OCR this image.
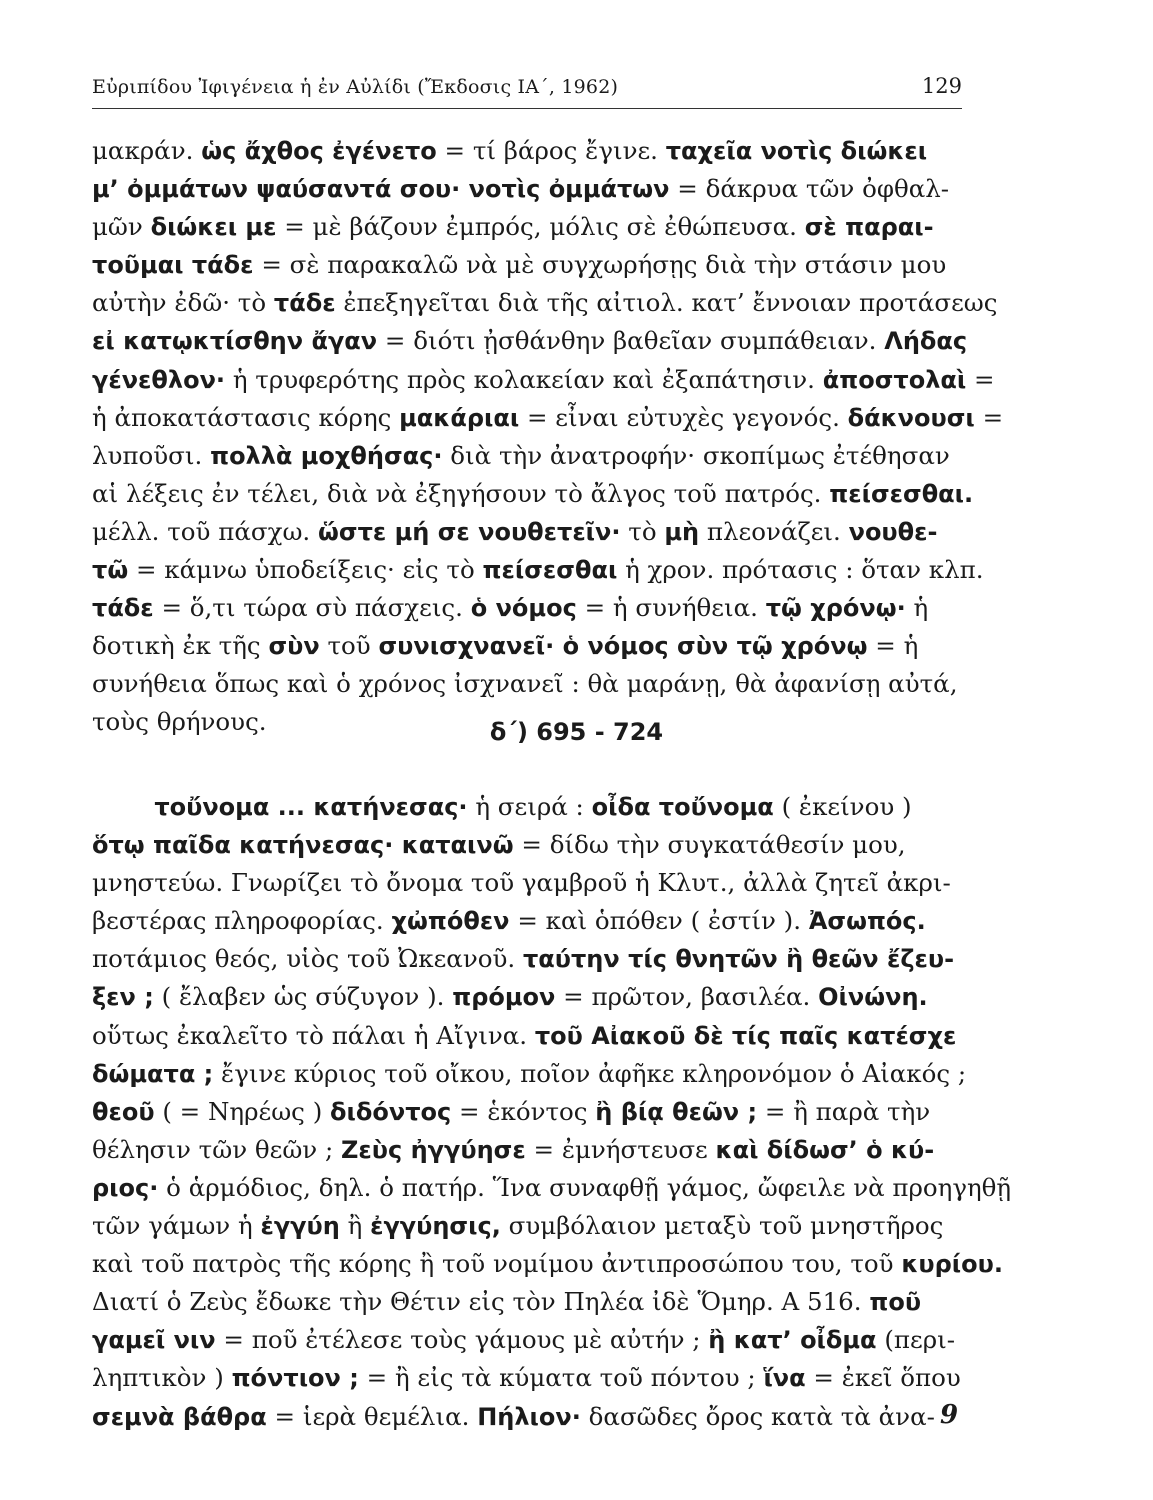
Εὐριπίδου Ἰφιγένεια ἡ ἐν Αὐλίδι (Ἔκδοσις ΙΑ΄, 1962)	129
μακράν. ὡς ἄχθος ἐγένετο = τί βάρος ἔγινε. ταχεῖα νοτὶς διώκει
μ’ ὀμμάτων ψαύσαντά σου· νοτὶς ὀμμάτων = δάκρυα τῶν ὀφθαλ-
μῶν διώκει με = μὲ βάζουν ἐμπρός, μόλις σὲ ἐθώπευσα. σὲ παραι-
τοῦμαι τάδε = σὲ παρακαλῶ νὰ μὲ συγχωρήσῃς διὰ τὴν στάσιν μου
αὐτὴν ἐδῶ· τὸ τάδε ἐπεξηγεῖται διὰ τῆς αἰτιολ. κατ’ ἔννοιαν προτάσεως
εἰ κατῳκτίσθην ἄγαν = διότι ᾐσθάνθην βαθεῖαν συμπάθειαν. Λήδας
γένεθλον· ἡ τρυφερότης πρὸς κολακείαν καὶ ἐξαπάτησιν. ἀποστολαὶ =
ἡ ἀποκατάστασις κόρης μακάριαι = εἶναι εὐτυχὲς γεγονός. δάκνουσι =
λυποῦσι. πολλὰ μοχθήσας· διὰ τὴν ἀνατροφήν· σκοπίμως ἐτέθησαν
αἱ λέξεις ἐν τέλει, διὰ νὰ ἐξηγήσουν τὸ ἄλγος τοῦ πατρός. πείσεσθαι.
μέλλ. τοῦ πάσχω. ὥστε μή σε νουθετεῖν· τὸ μὴ πλεονάζει. νουθε-
τῶ = κάμνω ὑποδείξεις· εἰς τὸ πείσεσθαι ἡ χρον. πρότασις : ὅταν κλπ.
τάδε = ὅ,τι τώρα σὺ πάσχεις. ὁ νόμος = ἡ συνήθεια. τῷ χρόνῳ· ἡ
δοτικὴ ἐκ τῆς σὺν τοῦ συνισχνανεῖ· ὁ νόμος σὺν τῷ χρόνῳ = ἡ
συνήθεια ὅπως καὶ ὁ χρόνος ἰσχνανεῖ : θὰ μαράνῃ, θὰ ἀφανίσῃ αὐτά,
τοὺς θρήνους.	δ΄) 695 - 724
τοὔνομα ... κατήνεσας· ἡ σειρά : οἶδα τοὔνομα ( ἐκείνου )
ὅτῳ παῖδα κατήνεσας· καταινῶ = δίδω τὴν συγκατάθεσίν μου,
μνηστεύω. Γνωρίζει τὸ ὄνομα τοῦ γαμβροῦ ἡ Κλυτ., ἀλλὰ ζητεῖ ἀκρι-
βεστέρας πληροφορίας. χὠπόθεν = καὶ ὁπόθεν ( ἐστίν ). Ἀσωπός.
ποτάμιος θεός, υἱὸς τοῦ Ὠκεανοῦ. ταύτην τίς θνητῶν ἢ θεῶν ἔζευ-
ξεν ; ( ἔλαβεν ὡς σύζυγον ). πρόμον = πρῶτον, βασιλέα. Οἰνώνη.
οὕτως ἐκαλεῖτο τὸ πάλαι ἡ Αἴγινα. τοῦ Αἰακοῦ δὲ τίς παῖς κατέσχε
δώματα ; ἔγινε κύριος τοῦ οἴκου, ποῖον ἀφῆκε κληρονόμον ὁ Αἰακός ;
θεοῦ ( = Νηρέως ) διδόντος = ἑκόντος ἢ βίᾳ θεῶν ; = ἢ παρὰ τὴν
θέλησιν τῶν θεῶν ; Ζεὺς ἠγγύησε = ἐμνήστευσε καὶ δίδωσ’ ὁ κύ-
ριος· ὁ ἁρμόδιος, δηλ. ὁ πατήρ. Ἵνα συναφθῇ γάμος, ὤφειλε νὰ προηγηθῇ
τῶν γάμων ἡ ἐγγύη ἢ ἐγγύησις, συμβόλαιον μεταξὺ τοῦ μνηστῆρος
καὶ τοῦ πατρὸς τῆς κόρης ἢ τοῦ νομίμου ἀντιπροσώπου του, τοῦ κυρίου.
Διατί ὁ Ζεὺς ἔδωκε τὴν Θέτιν εἰς τὸν Πηλέα ἰδὲ Ὅμηρ. Α 516. ποῦ
γαμεῖ νιν = ποῦ ἐτέλεσε τοὺς γάμους μὲ αὐτήν ; ἢ κατ’ οἶδμα (περι-
ληπτικὸν ) πόντιον ; = ἢ εἰς τὰ κύματα τοῦ πόντου ; ἵνα = ἐκεῖ ὅπου
σεμνὰ βάθρα = ἱερὰ θεμέλια. Πήλιον· δασῶδες ὄρος κατὰ τὰ ἀνα- 9
